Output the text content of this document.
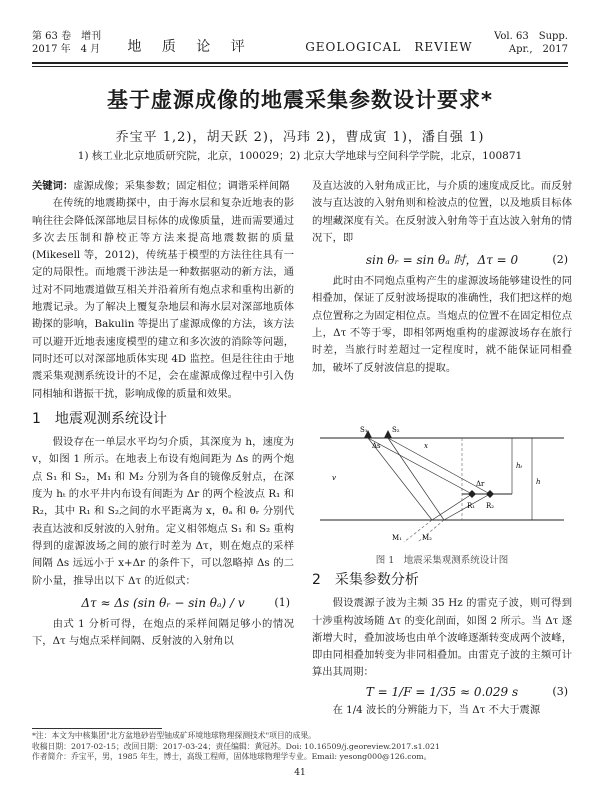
第 63 卷　增刊
2017 年　4 月	地 质 论 评	GEOLOGICAL　REVIEW
Vol. 63　Supp.
Apr.,　2017
基于虚源成像的地震采集参数设计要求*
乔宝平 1,2)，胡天跃 2)，冯玮 2)，曹成寅 1)，潘自强 1)
1) 核工业北京地质研究院，北京，100029；2) 北京大学地球与空间科学学院，北京，100871
关键词：虚源成像；采集参数；固定相位；调谐采样间隔

在传统的地震勘探中，由于海水层和复杂近地表的影响往往会降低深部地层目标体的成像质量，进而需要通过多次去压制和静校正等方法来提高地震数据的质量(Mikesell 等，2012)，传统基于模型的方法往往具有一定的局限性。而地震干涉法是一种数据驱动的新方法，通过对不同地震道做互相关并沿着所有炮点求和重构出新的地震记录。为了解决上覆复杂地层和海水层对深部地质体勘探的影响，Bakulin 等提出了虚源成像的方法，该方法可以避开近地表速度模型的建立和多次波的消除等问题，同时还可以对深部地质体实现 4D 监控。但是往往由于地震采集观测系统设计的不足，会在虚源成像过程中引入伪同相轴和谐振干扰，影响成像的质量和效果。

1　地震观测系统设计

假设存在一单层水平均匀介质，其深度为 h，速度为 v，如图 1 所示。在地表上布设有炮间距为 Δs 的两个炮点 S₁ 和 S₂，M₁ 和 M₂ 分别为各自的镜像反射点，在深度为 hₜ 的水平井内布设有间距为 Δr 的两个检波点 R₁ 和 R₂，其中 R₁ 和 S₂之间的水平距离为 x，θₐ 和 θᵣ 分别代表直达波和反射波的入射角。定义相邻炮点 S₁ 和 S₂ 重构得到的虚源波场之间的旅行时差为 Δτ，则在炮点的采样间隔 Δs 远远小于 x+Δr 的条件下，可以忽略掉 Δs 的二阶小量，推导出以下 Δτ 的近似式：

Δτ ≈ Δs (sin θᵣ − sin θₐ) / v	(1)

由式 1 分析可得，在炮点的采样间隔足够小的情况下，Δτ 与炮点采样间隔、反射波的入射角以

及直达波的入射角成正比，与介质的速度成反比。而反射波与直达波的入射角则和检波点的位置，以及地质目标体的埋藏深度有关。在反射波入射角等于直达波入射角的情况下，即
sin θᵣ = sin θₐ 时，Δτ = 0	(2)

此时由不同炮点重构产生的虚源波场能够建设性的同相叠加，保证了反射波场提取的准确性，我们把这样的炮点位置称之为固定相位点。当炮点的位置不在固定相位点上，Δτ 不等于零，即相邻两炮重构的虚源波场存在旅行时差，当旅行时差超过一定程度时，就不能保证同相叠加，破坏了反射波信息的提取。

S₁	S₂
x
Δr
R₁ R₂
h
hₜ
v
M₁	M₂
Δs
图 1　地震采集观测系统设计图
2　采集参数分析

假设震源子波为主频 35 Hz 的雷克子波，则可得到十涉重构波场随 Δτ 的变化剖面，如图 2 所示。当 Δτ 逐渐增大时，叠加波场也由单个波峰逐渐转变成两个波峰，即由同相叠加转变为非同相叠加。由雷克子波的主频可计算出其周期：

T = 1/F = 1/35 ≈ 0.029 s	(3)

在 1/4 波长的分辨能力下，当 Δτ 不大于震源

*注：本文为中核集团"北方盆地砂岩型铀成矿环境地球物理探测技术"项目的成果。
收稿日期：2017-02-15；改回日期：2017-03-24；责任编辑：黄冠苏。Doi: 10.16509/j.georeview.2017.s1.021
作者简介：乔宝平，男，1985 年生，博士，高级工程师，固体地球物理学专业。Email: yesong000@126.com。
41
